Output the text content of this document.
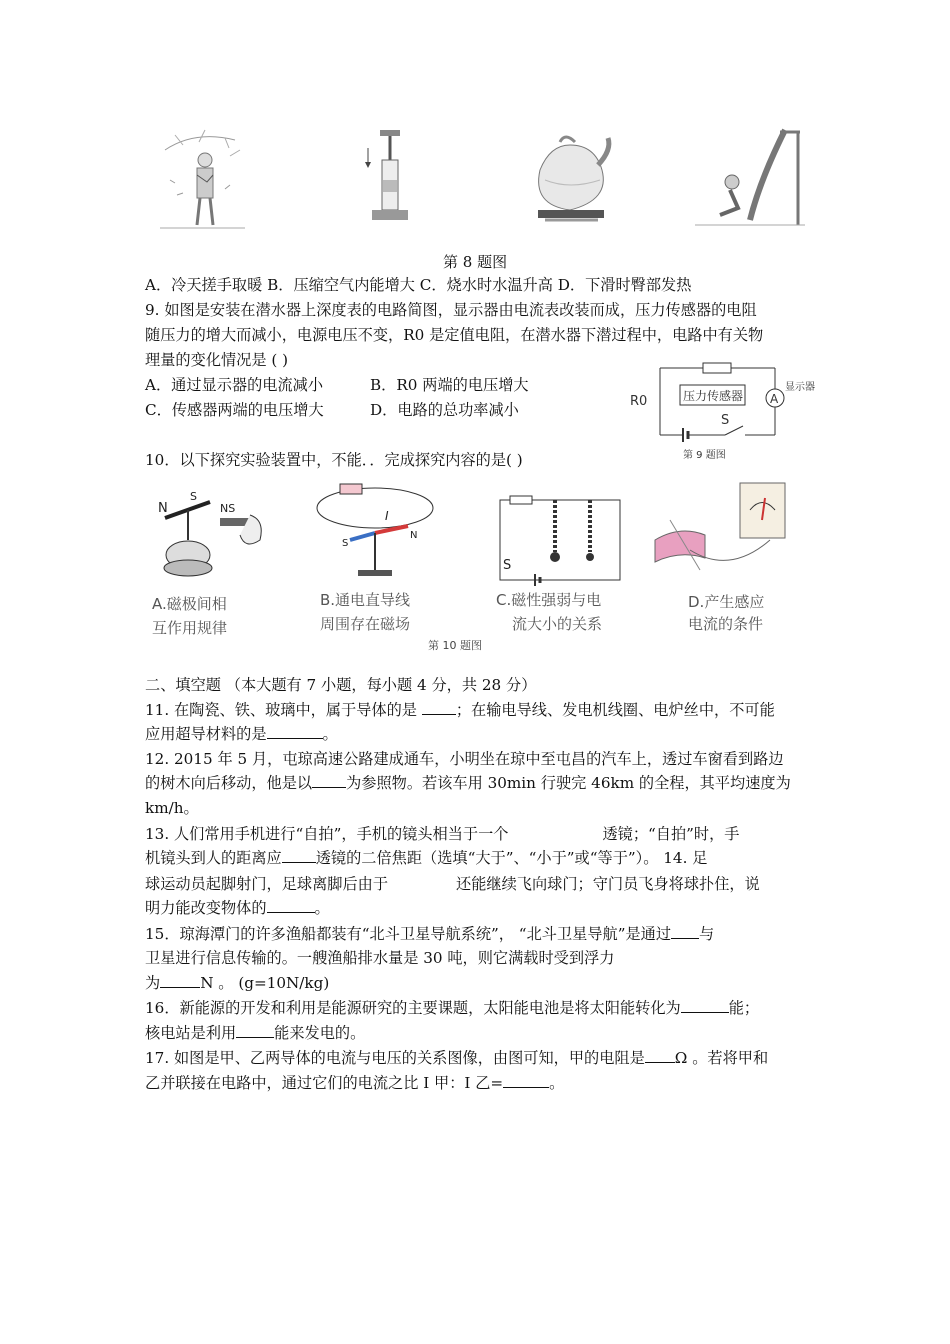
第 8 题图
A．冷天搓手取暖 B．压缩空气内能增大 C．烧水时水温升高 D．下滑时臀部发热
9. 如图是安装在潜水器上深度表的电路简图，显示器由电流表改装而成，压力传感器的电阻
随压力的增大而减小，电源电压不变，R0 是定值电阻，在潜水器下潜过程中，电路中有关物
理量的变化情况是 ( )
A．通过显示器的电流减小	B．R0 两端的电压增大
C．传感器两端的电压增大	D．电路的总功率减小
压力传感器 A
显示器
R0
S
第 9 题图
10．以下探究实验装置中，不能．．完成探究内容的是( )
N
S
NS
I
S
N
S
A.磁极间相
互作用规律
B.通电直导线
周围存在磁场
C.磁性强弱与电
流大小的关系
D.产生感应
电流的条件
第 10 题图
二、填空题 （本大题有 7 小题，每小题 4 分，共 28 分）
11. 在陶瓷、铁、玻璃中，属于导体的是 ；在输电导线、发电机线圈、电炉丝中，不可能
应用超导材料的是	。
12. 2015 年 5 月，屯琼高速公路建成通车，小明坐在琼中至屯昌的汽车上，透过车窗看到路边
的树木向后移动，他是以 为参照物。若该车用 30min 行驶完 46km 的全程，其平均速度为
km/h。
13. 人们常用手机进行“自拍”，手机的镜头相当于一个	透镜；“自拍”时，手
机镜头到人的距离应 透镜的二倍焦距（选填“大于”、“小于”或“等于”）。 14. 足
球运动员起脚射门，足球离脚后由于	还能继续飞向球门；守门员飞身将球扑住，说
明力能改变物体的	。
15．琼海潭门的许多渔船都装有“北斗卫星导航系统”， “北斗卫星导航”是通过 与
卫星进行信息传输的。一艘渔船排水量是 30 吨，则它满载时受到浮力
为	N 。 (g=10N/kg)
16．新能源的开发和利用是能源研究的主要课题，太阳能电池是将太阳能转化为	能；
核电站是利用	能来发电的。
17. 如图是甲、乙两导体的电流与电压的关系图像，由图可知，甲的电阻是 Ω 。若将甲和
乙并联接在电路中，通过它们的电流之比 I 甲：I 乙=	。
